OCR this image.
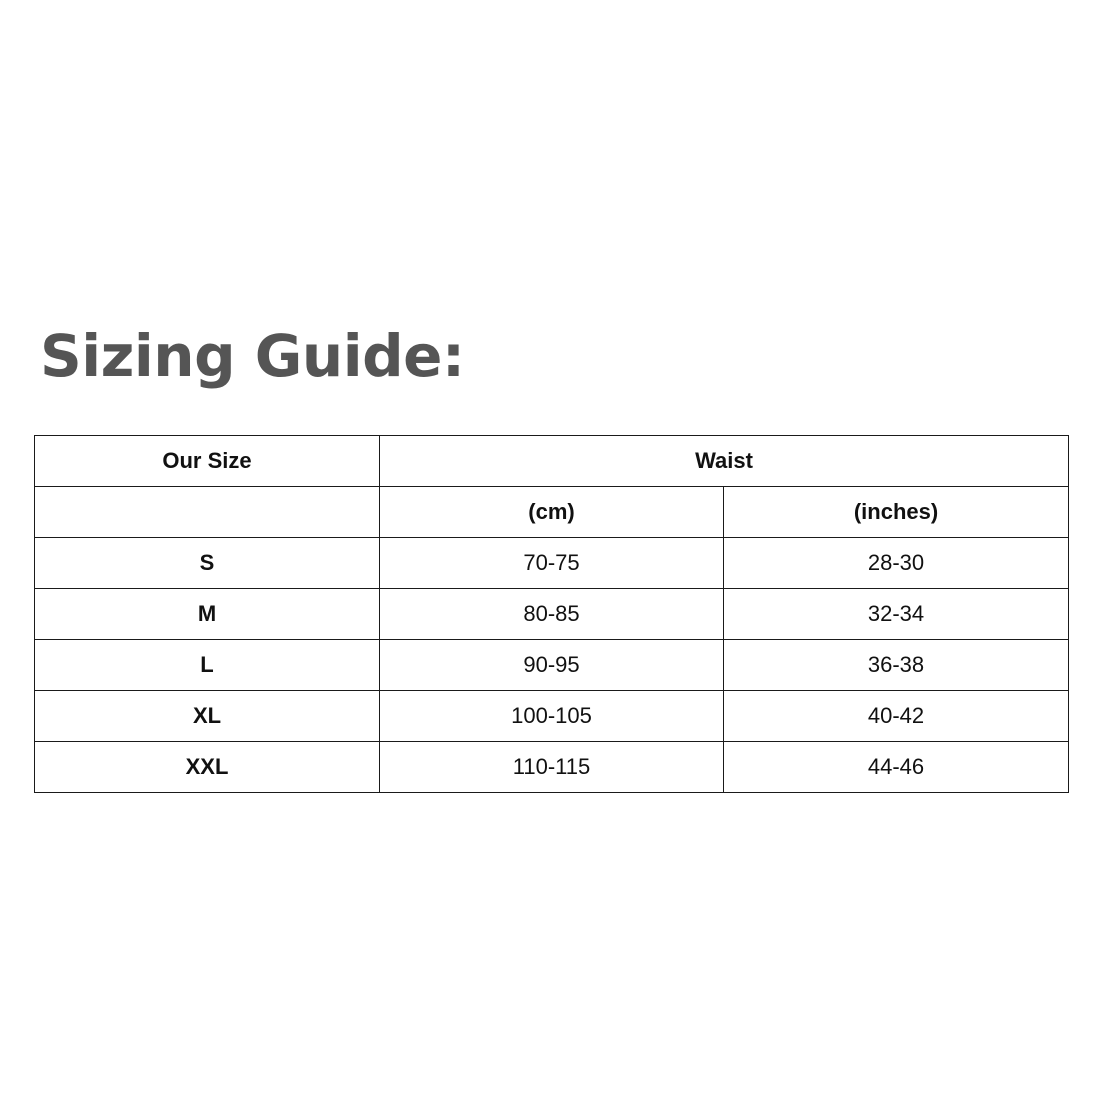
Sizing Guide:
Our Size	Waist	
	(cm)	(inches)
S	70-75	28-30
M	80-85	32-34
L	90-95	36-38
XL	100-105	40-42
XXL	110-115	44-46
